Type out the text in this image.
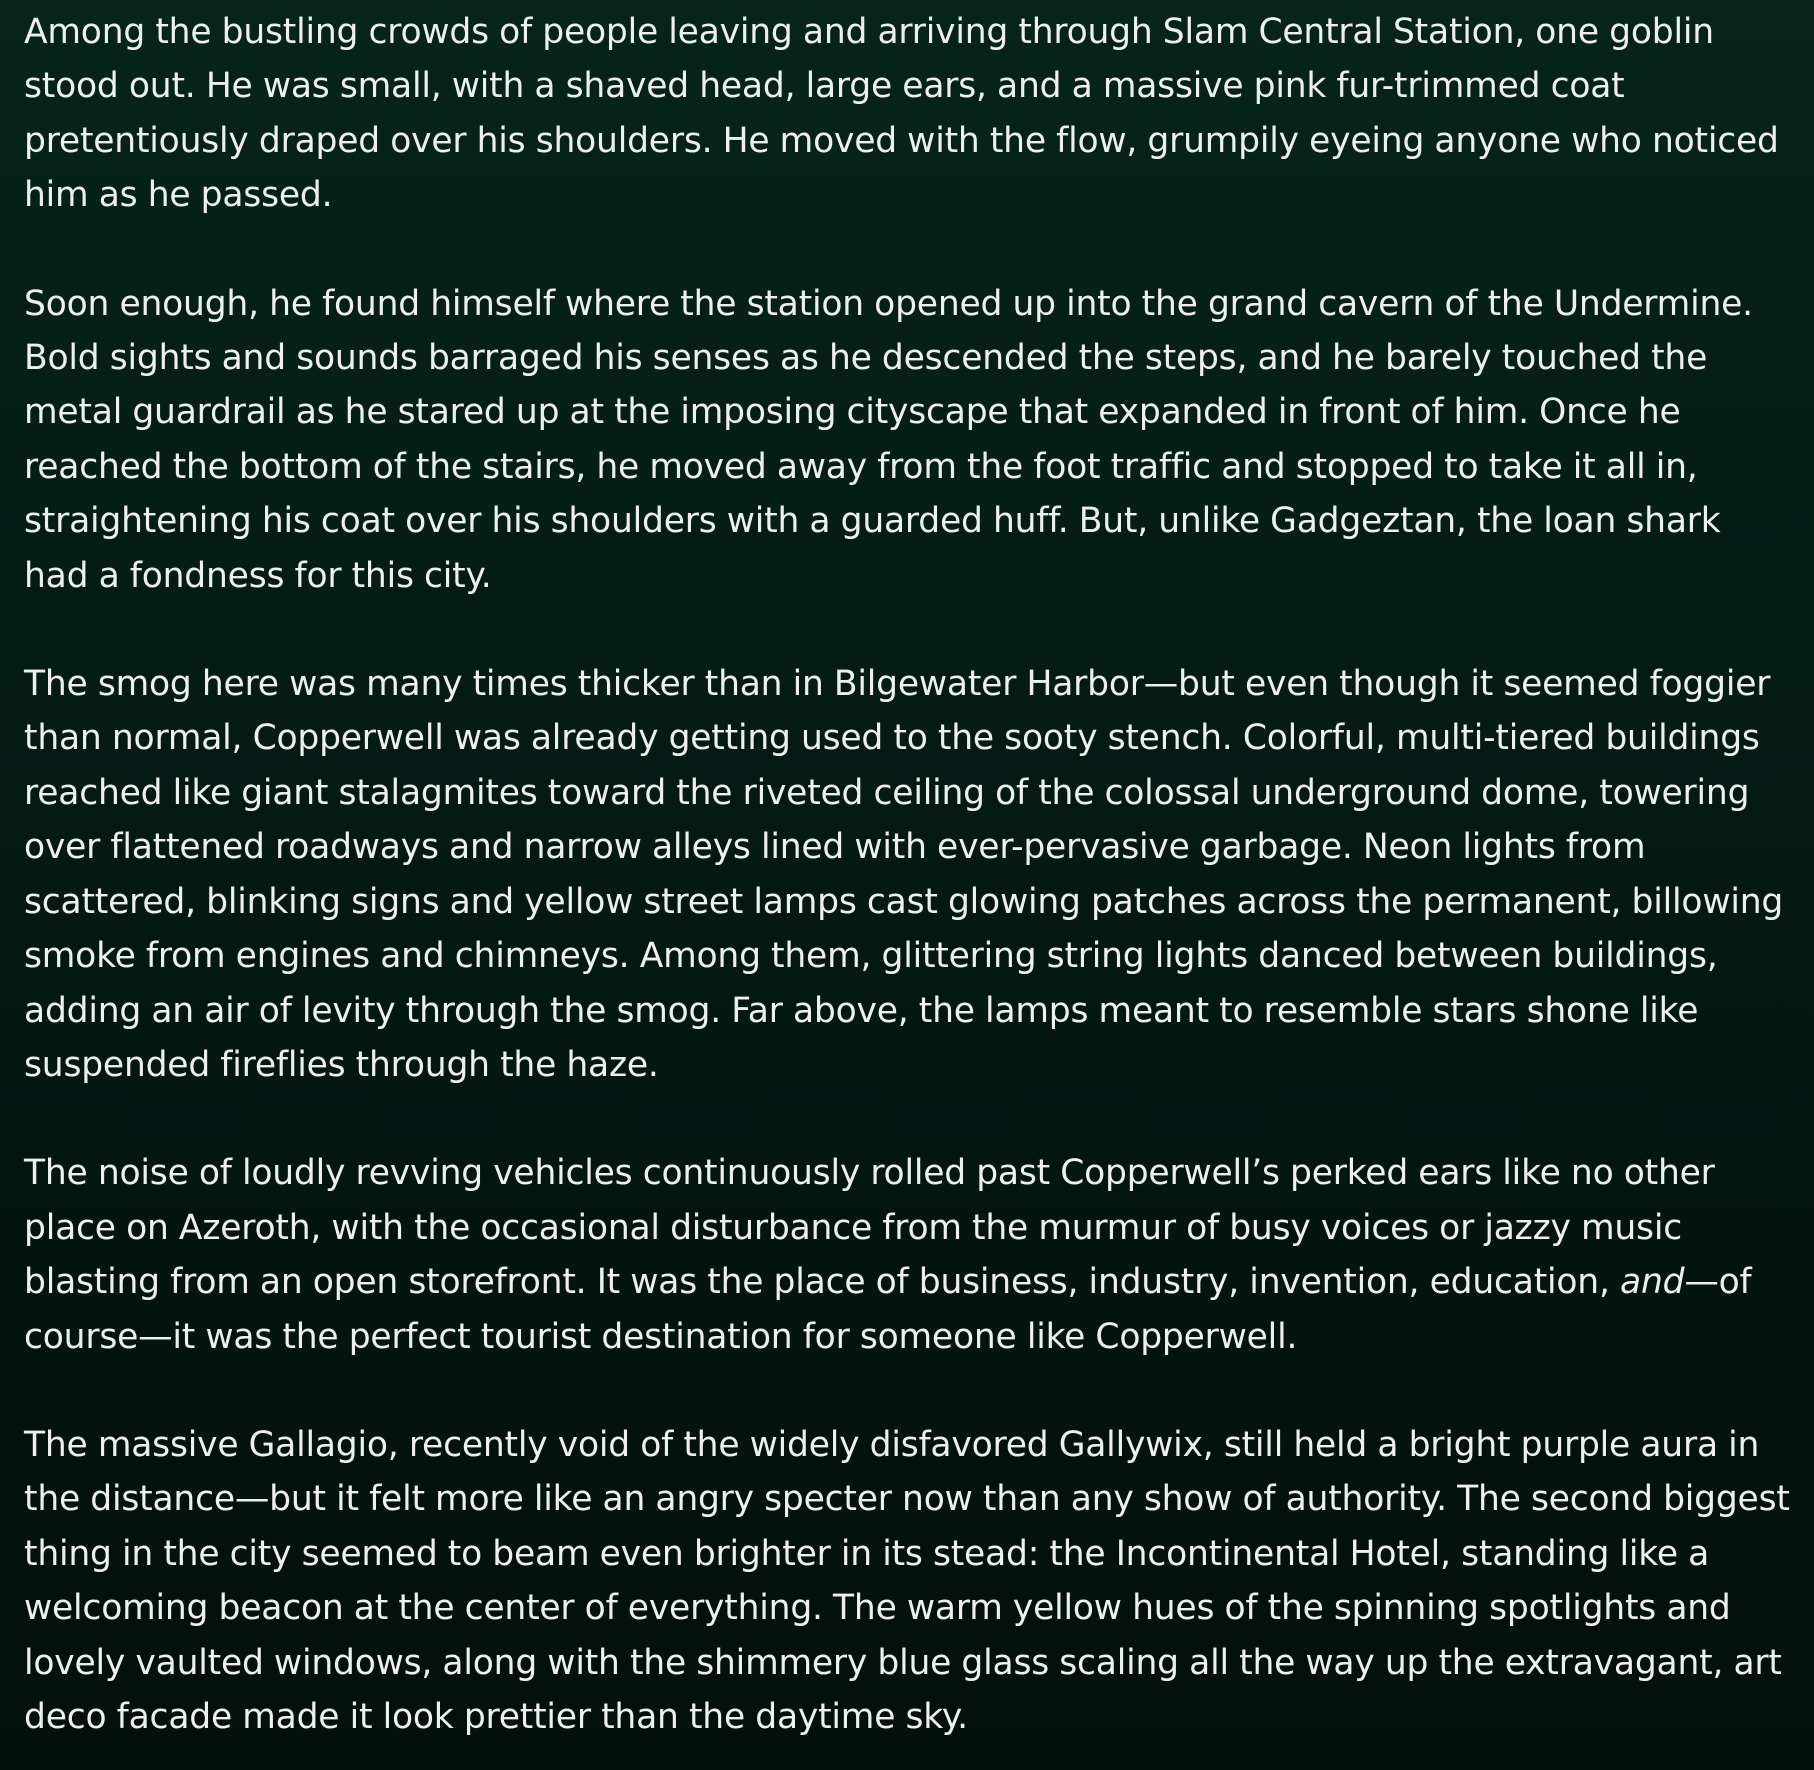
Among the bustling crowds of people leaving and arriving through Slam Central Station, one goblin stood out. He was small, with a shaved head, large ears, and a massive pink fur-trimmed coat pretentiously draped over his shoulders. He moved with the flow, grumpily eyeing anyone who noticed him as he passed.

Soon enough, he found himself where the station opened up into the grand cavern of the Undermine. Bold sights and sounds barraged his senses as he descended the steps, and he barely touched the metal guardrail as he stared up at the imposing cityscape that expanded in front of him. Once he reached the bottom of the stairs, he moved away from the foot traffic and stopped to take it all in, straightening his coat over his shoulders with a guarded huff. But, unlike Gadgeztan, the loan shark had a fondness for this city.

The smog here was many times thicker than in Bilgewater Harbor—but even though it seemed foggier than normal, Copperwell was already getting used to the sooty stench. Colorful, multi-tiered buildings reached like giant stalagmites toward the riveted ceiling of the colossal underground dome, towering over flattened roadways and narrow alleys lined with ever-pervasive garbage. Neon lights from scattered, blinking signs and yellow street lamps cast glowing patches across the permanent, billowing smoke from engines and chimneys. Among them, glittering string lights danced between buildings, adding an air of levity through the smog. Far above, the lamps meant to resemble stars shone like suspended fireflies through the haze.

The noise of loudly revving vehicles continuously rolled past Copperwell’s perked ears like no other place on Azeroth, with the occasional disturbance from the murmur of busy voices or jazzy music blasting from an open storefront. It was the place of business, industry, invention, education, and—of course—it was the perfect tourist destination for someone like Copperwell.

The massive Gallagio, recently void of the widely disfavored Gallywix, still held a bright purple aura in the distance—but it felt more like an angry specter now than any show of authority. The second biggest thing in the city seemed to beam even brighter in its stead: the Incontinental Hotel, standing like a welcoming beacon at the center of everything. The warm yellow hues of the spinning spotlights and lovely vaulted windows, along with the shimmery blue glass scaling all the way up the extravagant, art deco facade made it look prettier than the daytime sky.
